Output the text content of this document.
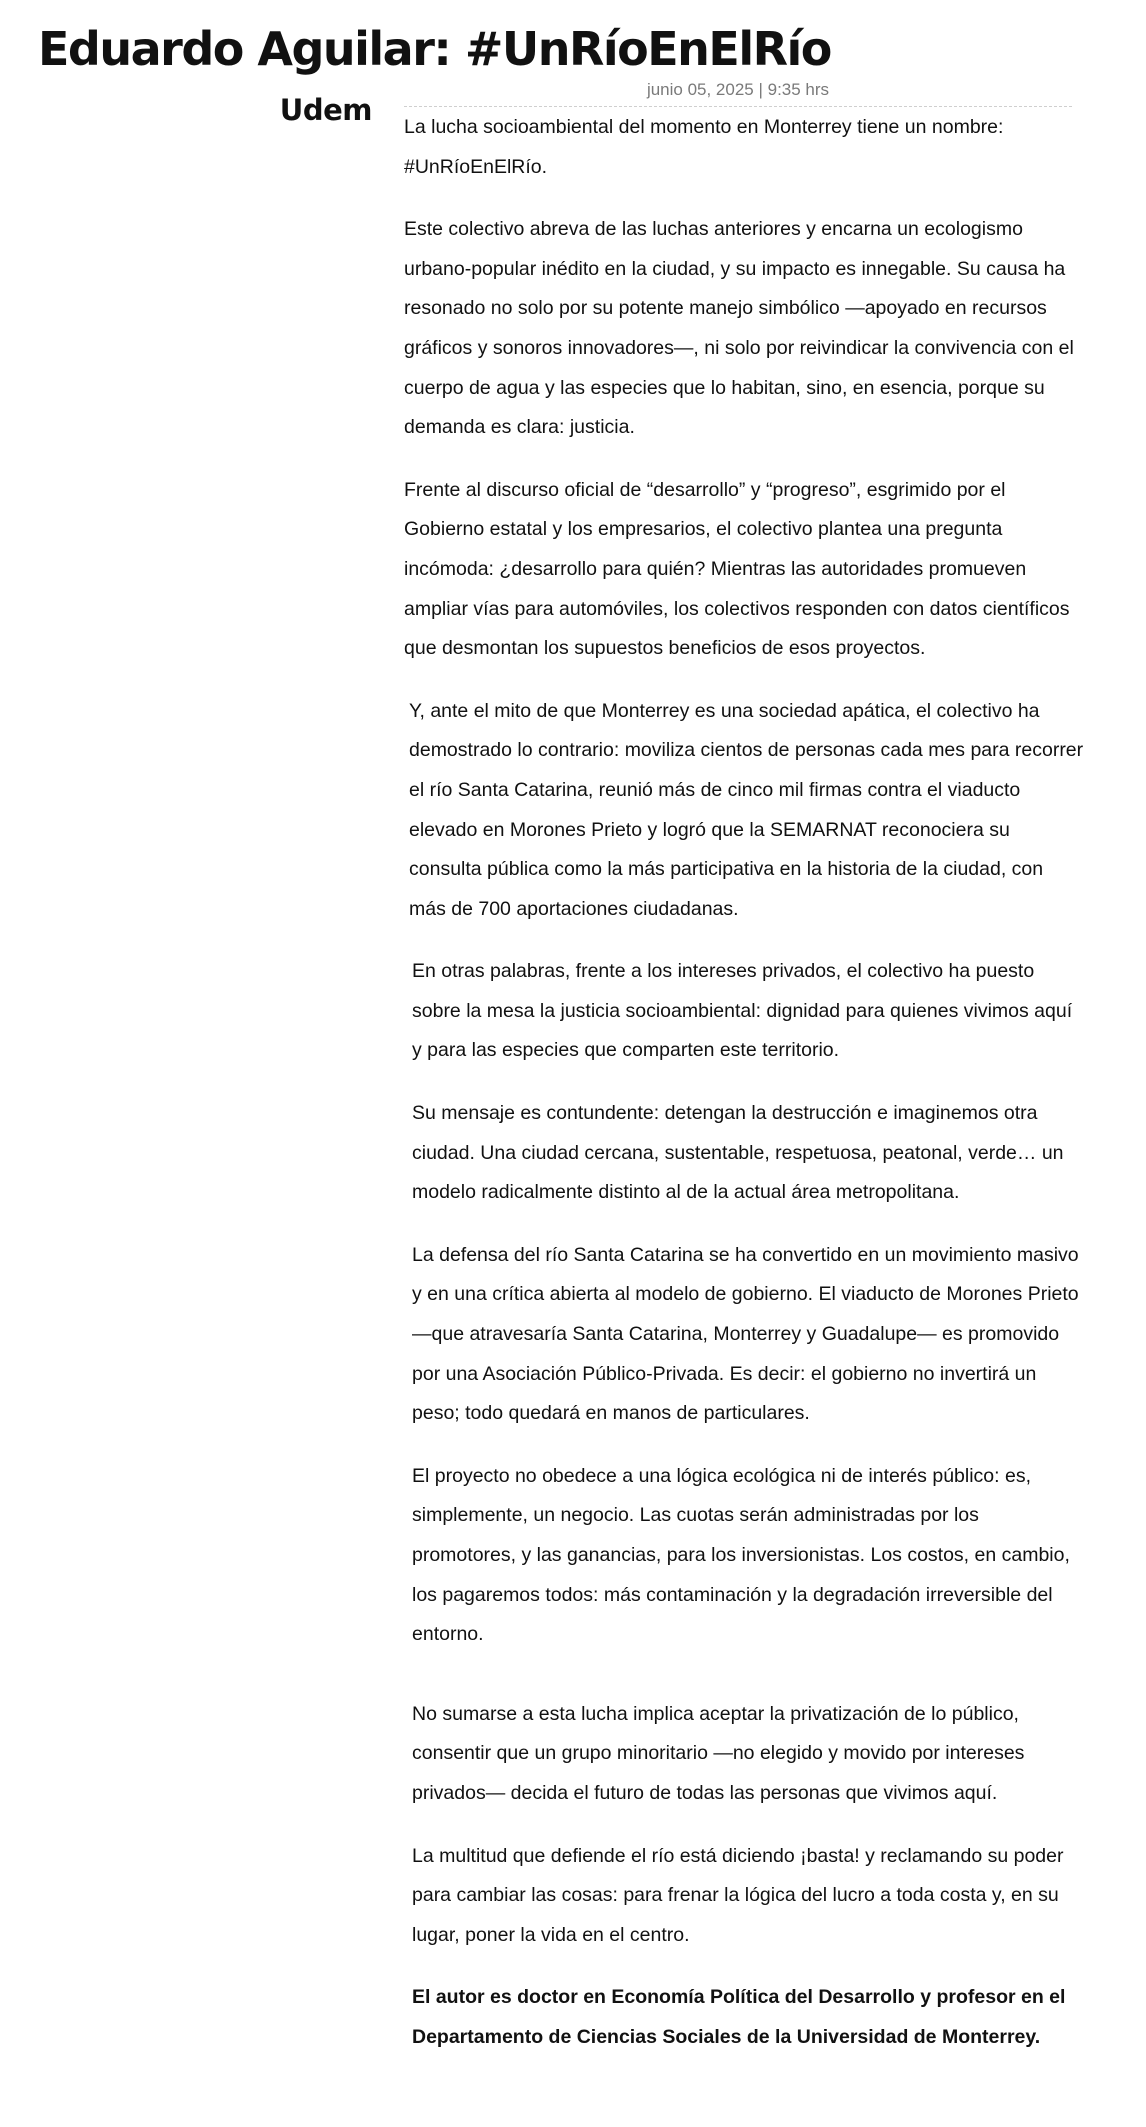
Eduardo Aguilar: #UnRíoEnElRío
Udem
junio 05, 2025 | 9:35 hrs

La lucha socioambiental del momento en Monterrey tiene un nombre: #UnRíoEnElRío.

Este colectivo abreva de las luchas anteriores y encarna un ecologismo urbano-popular inédito en la ciudad, y su impacto es innegable. Su causa ha resonado no solo por su potente manejo simbólico —apoyado en recursos gráficos y sonoros innovadores—, ni solo por reivindicar la convivencia con el cuerpo de agua y las especies que lo habitan, sino, en esencia, porque su demanda es clara: justicia.

Frente al discurso oficial de “desarrollo” y “progreso”, esgrimido por el Gobierno estatal y los empresarios, el colectivo plantea una pregunta incómoda: ¿desarrollo para quién? Mientras las autoridades promueven ampliar vías para automóviles, los colectivos responden con datos científicos que desmontan los supuestos beneficios de esos proyectos.

Y, ante el mito de que Monterrey es una sociedad apática, el colectivo ha demostrado lo contrario: moviliza cientos de personas cada mes para recorrer el río Santa Catarina, reunió más de cinco mil firmas contra el viaducto elevado en Morones Prieto y logró que la SEMARNAT reconociera su consulta pública como la más participativa en la historia de la ciudad, con más de 700 aportaciones ciudadanas.

En otras palabras, frente a los intereses privados, el colectivo ha puesto sobre la mesa la justicia socioambiental: dignidad para quienes vivimos aquí y para las especies que comparten este territorio.

Su mensaje es contundente: detengan la destrucción e imaginemos otra ciudad. Una ciudad cercana, sustentable, respetuosa, peatonal, verde… un modelo radicalmente distinto al de la actual área metropolitana.

La defensa del río Santa Catarina se ha convertido en un movimiento masivo y en una crítica abierta al modelo de gobierno. El viaducto de Morones Prieto —que atravesaría Santa Catarina, Monterrey y Guadalupe— es promovido por una Asociación Público-Privada. Es decir: el gobierno no invertirá un peso; todo quedará en manos de particulares.

El proyecto no obedece a una lógica ecológica ni de interés público: es, simplemente, un negocio. Las cuotas serán administradas por los promotores, y las ganancias, para los inversionistas. Los costos, en cambio, los pagaremos todos: más contaminación y la degradación irreversible del entorno.

No sumarse a esta lucha implica aceptar la privatización de lo público, consentir que un grupo minoritario —no elegido y movido por intereses privados— decida el futuro de todas las personas que vivimos aquí.

La multitud que defiende el río está diciendo ¡basta! y reclamando su poder para cambiar las cosas: para frenar la lógica del lucro a toda costa y, en su lugar, poner la vida en el centro.

El autor es doctor en Economía Política del Desarrollo y profesor en el Departamento de Ciencias Sociales de la Universidad de Monterrey.
